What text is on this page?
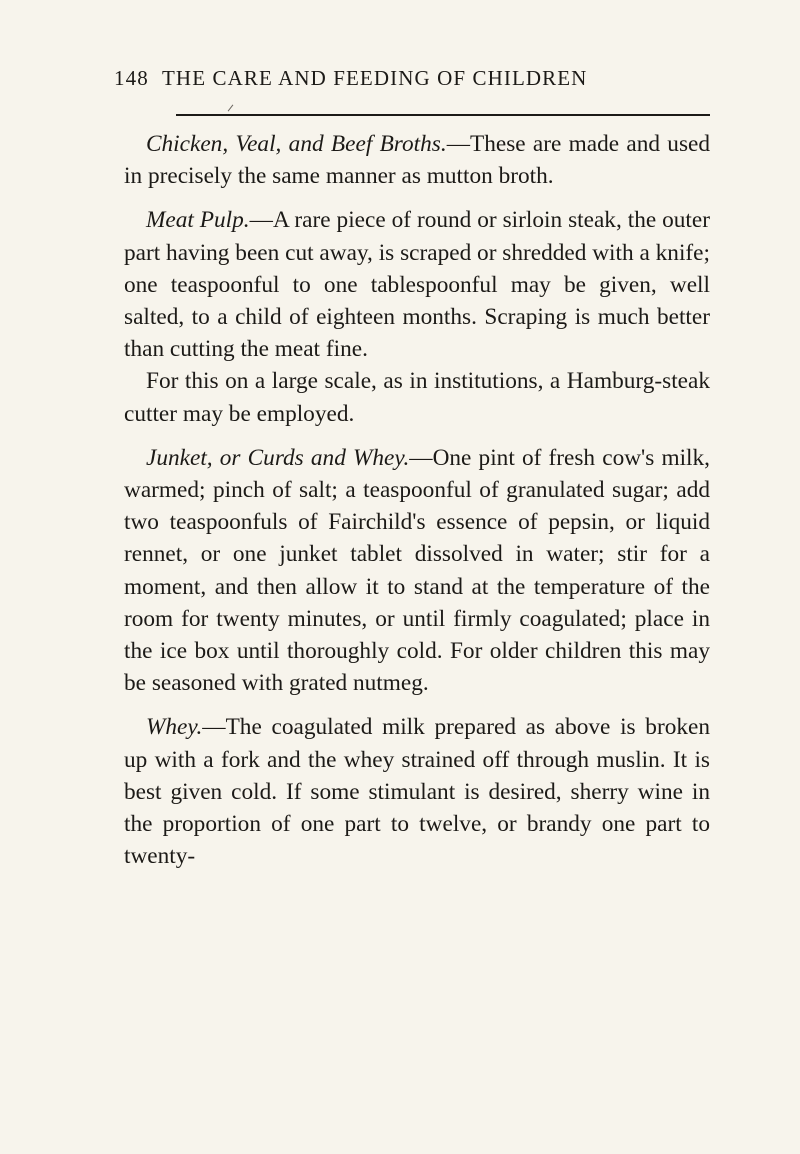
148 THE CARE AND FEEDING OF CHILDREN

Chicken, Veal, and Beef Broths.—These are made and used in precisely the same manner as mutton broth.

Meat Pulp.—A rare piece of round or sirloin steak, the outer part having been cut away, is scraped or shredded with a knife; one teaspoonful to one tablespoonful may be given, well salted, to a child of eighteen months. Scraping is much better than cutting the meat fine.

For this on a large scale, as in institutions, a Hamburg-steak cutter may be employed.

Junket, or Curds and Whey.—One pint of fresh cow's milk, warmed; pinch of salt; a teaspoonful of granulated sugar; add two teaspoonfuls of Fairchild's essence of pepsin, or liquid rennet, or one junket tablet dissolved in water; stir for a moment, and then allow it to stand at the temperature of the room for twenty minutes, or until firmly coagulated; place in the ice box until thoroughly cold. For older children this may be seasoned with grated nutmeg.

Whey.—The coagulated milk prepared as above is broken up with a fork and the whey strained off through muslin. It is best given cold. If some stimulant is desired, sherry wine in the proportion of one part to twelve, or brandy one part to twenty-
